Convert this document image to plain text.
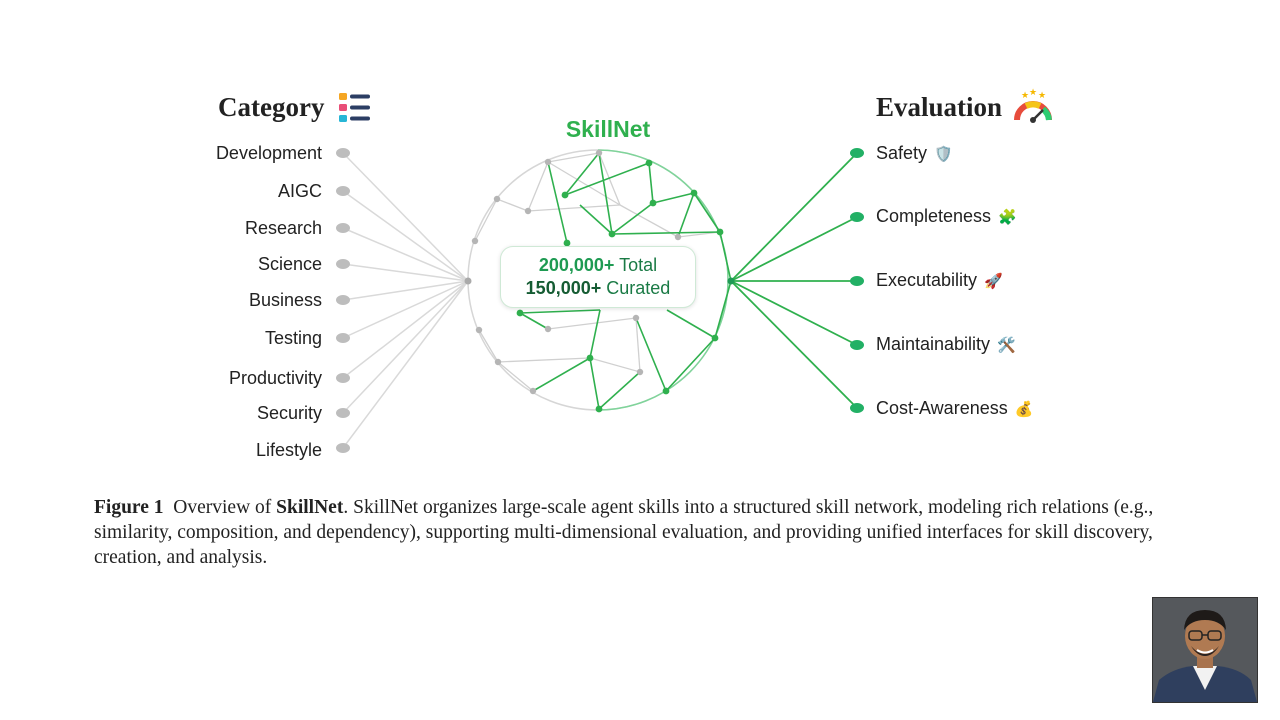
Category	Evaluation ★ ★ ★
SkillNet
200,000+ Total
150,000+ Curated
Development
AIGC
Research
Science
Business
Testing
Productivity
Security
Lifestyle
Safety 🛡️
Completeness 🧩
Executability 🚀
Maintainability 🛠️
Cost-Awareness 💰
Figure 1 Overview of SkillNet. SkillNet organizes large-scale agent skills into a structured skill network, modeling rich relations (e.g., similarity, composition, and dependency), supporting multi-dimensional evaluation, and providing unified interfaces for skill discovery, creation, and analysis.
